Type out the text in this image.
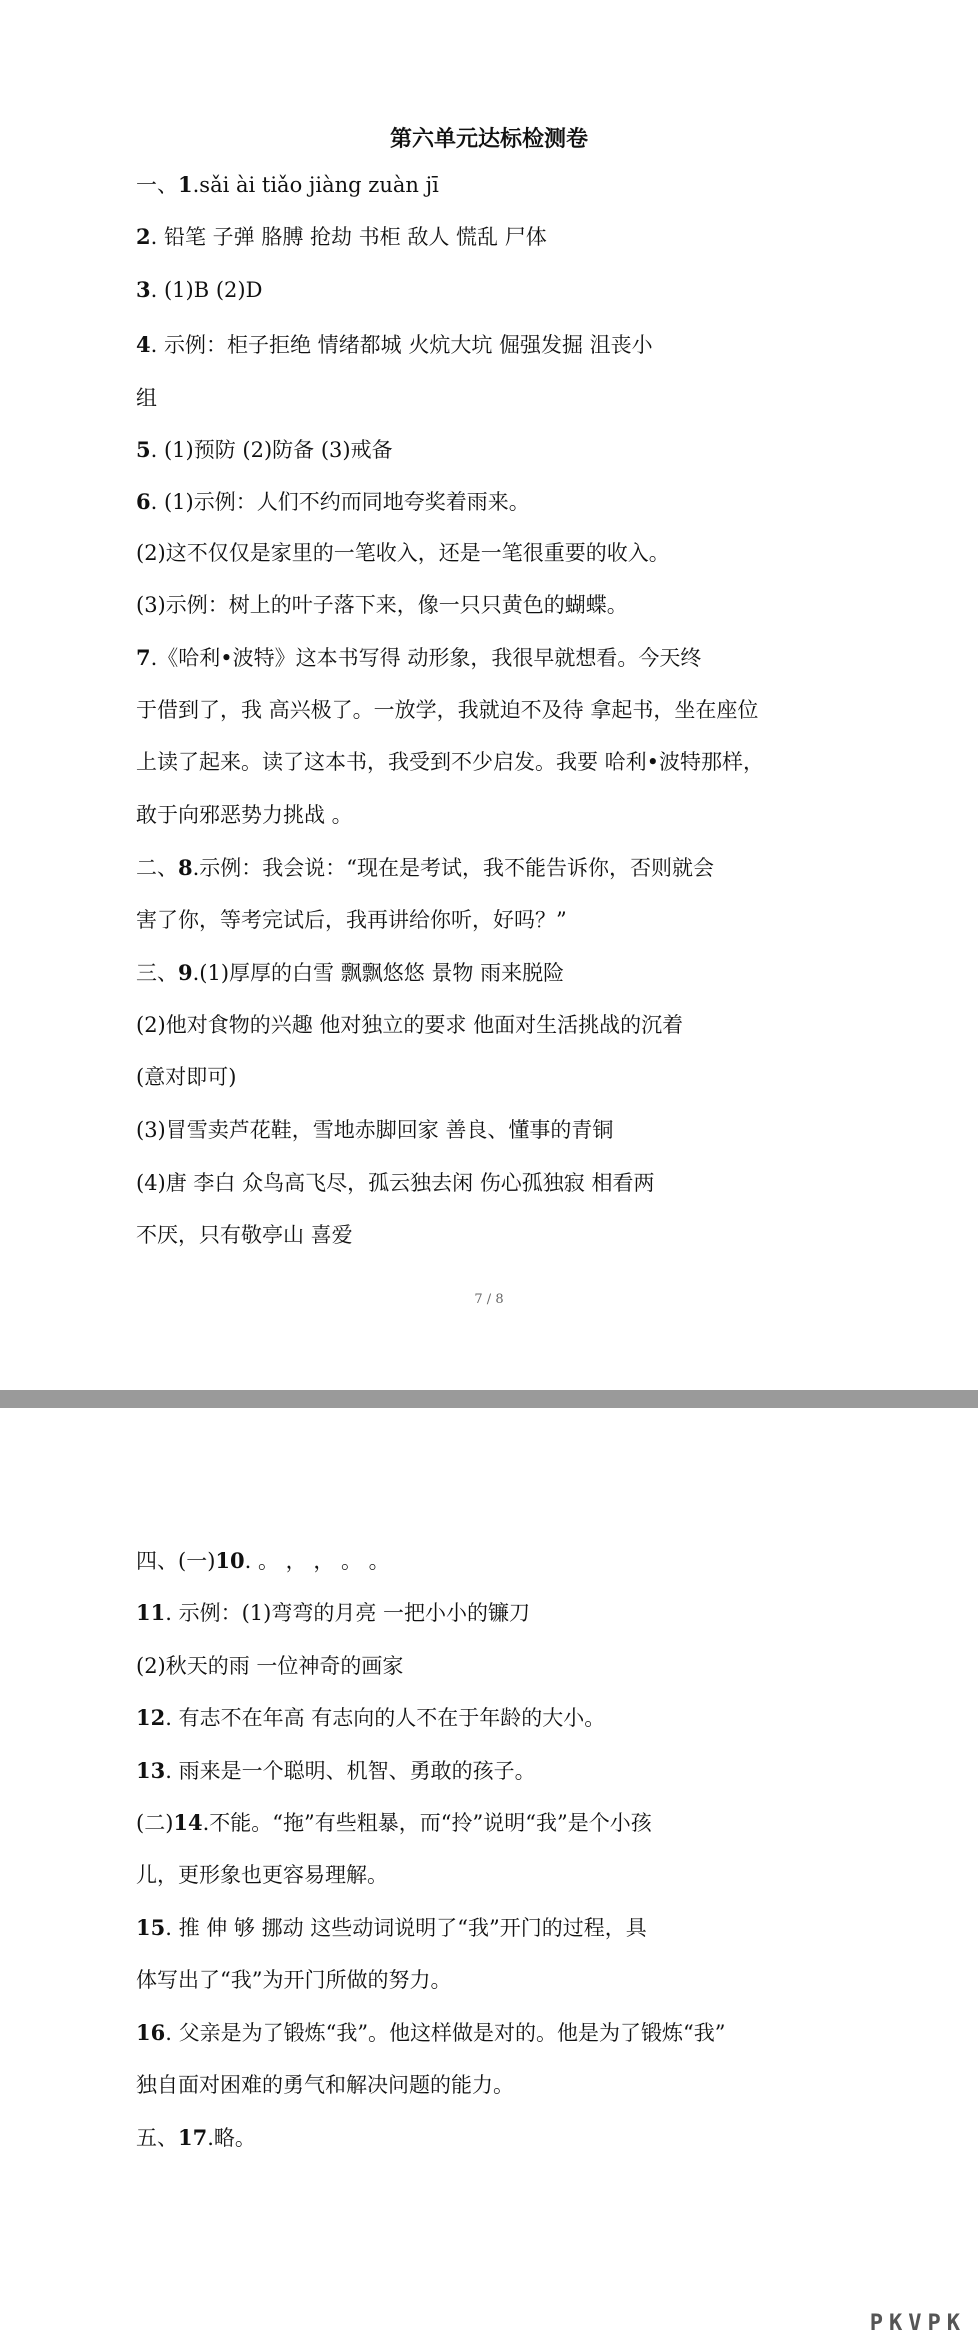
第六单元达标检测卷
一、1.sǎi ài tiǎo jiàng zuàn jī
2. 铅笔 子弹 胳膊 抢劫 书柜 敌人 慌乱 尸体
3. (1)B (2)D
4. 示例：柜子拒绝 情绪都城 火炕大坑 倔强发掘 沮丧小
组
5. (1)预防 (2)防备 (3)戒备
6. (1)示例：人们不约而同地夸奖着雨来。
(2)这不仅仅是家里的一笔收入，还是一笔很重要的收入。
(3)示例：树上的叶子落下来，像一只只黄色的蝴蝶。
7.《哈利•波特》这本书写得 动形象，我很早就想看。今天终
于借到了，我 高兴极了。一放学，我就迫不及待 拿起书，坐在座位
上读了起来。读了这本书，我受到不少启发。我要 哈利•波特那样，
敢于向邪恶势力挑战 。
二、8.示例：我会说：“现在是考试，我不能告诉你，否则就会
害了你，等考完试后，我再讲给你听，好吗？”
三、9.(1)厚厚的白雪 飘飘悠悠 景物 雨来脱险
(2)他对食物的兴趣 他对独立的要求 他面对生活挑战的沉着
(意对即可)
(3)冒雪卖芦花鞋，雪地赤脚回家 善良、懂事的青铜
(4)唐 李白 众鸟高飞尽，孤云独去闲 伤心孤独寂 相看两
不厌，只有敬亭山 喜爱
7 / 8
四、(一)10. 。 ， ， 。 。
11. 示例：(1)弯弯的月亮 一把小小的镰刀
(2)秋天的雨 一位神奇的画家
12. 有志不在年高 有志向的人不在于年龄的大小。
13. 雨来是一个聪明、机智、勇敢的孩子。
(二)14.不能。“拖”有些粗暴，而“拎”说明“我”是个小孩
儿，更形象也更容易理解。
15. 推 伸 够 挪动 这些动词说明了“我”开门的过程，具
体写出了“我”为开门所做的努力。
16. 父亲是为了锻炼“我”。他这样做是对的。他是为了锻炼“我”
独自面对困难的勇气和解决问题的能力。
五、17.略。
PKVPK
